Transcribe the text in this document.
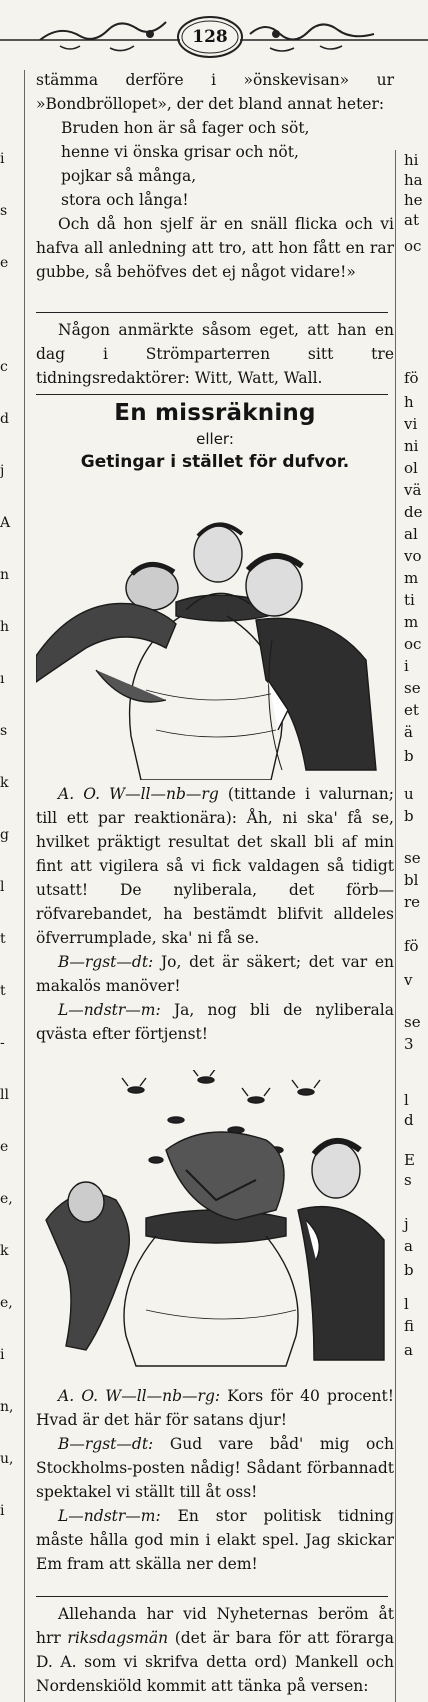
128

stämma derföre i »önskevisan» ur »Bondbröllopet», der det bland annat heter:

Bruden hon är så fager och söt,
henne vi önska grisar och nöt,
pojkar så många,
stora och långa!

Och då hon sjelf är en snäll flicka och vi hafva all anledning att tro, att hon fått en rar gubbe, så behöfves det ej något vidare!»

Någon anmärkte såsom eget, att han en dag i Strömparterren sitt tre tidningsredaktörer: Witt, Watt, Wall.

En missräkning
eller:
Getingar i stället för dufvor.

A. O. W—ll—nb—rg (tittande i valurnan; till ett par reaktionära): Åh, ni ska' få se, hvilket präktigt resultat det skall bli af min fint att vigilera så vi fick valdagen så tidigt utsatt! De nyliberala, det förb— röfvarebandet, ha bestämdt blifvit alldeles öfverrumplade, ska' ni få se.

B—rgst—dt: Jo, det är säkert; det var en makalös manöver!

L—ndstr—m: Ja, nog bli de nyliberala qvästa efter förtjenst!

A. O. W—ll—nb—rg: Kors för 40 procent! Hvad är det här för satans djur!

B—rgst—dt: Gud vare båd' mig och Stockholms-posten nådig! Sådant förbannadt spektakel vi ställt till åt oss!

L—ndstr—m: En stor politisk tidning måste hålla god min i elakt spel. Jag skickar Em fram att skälla ner dem!

Allehanda har vid Nyheternas beröm åt hrr riksdagsmän (det är bara för att förarga D. A. som vi skrifva detta ord) Mankell och Nordenskiöld kommit att tänka på versen:

hi
ha
he
at
oc
fö
h
vi
ni
ol
vä
de
al
vo
m
ti
m
oc
i
se
et
ä
b
u
b
se
bl
re
fö
v
se
3
l
d
E
s
j
a
b
l
fi
a
i
s
e
c
d
j
A
n
h
ı
s
k
g
l
t
t
-
ll
e
e,
k
e,
i
n,
u,
i
